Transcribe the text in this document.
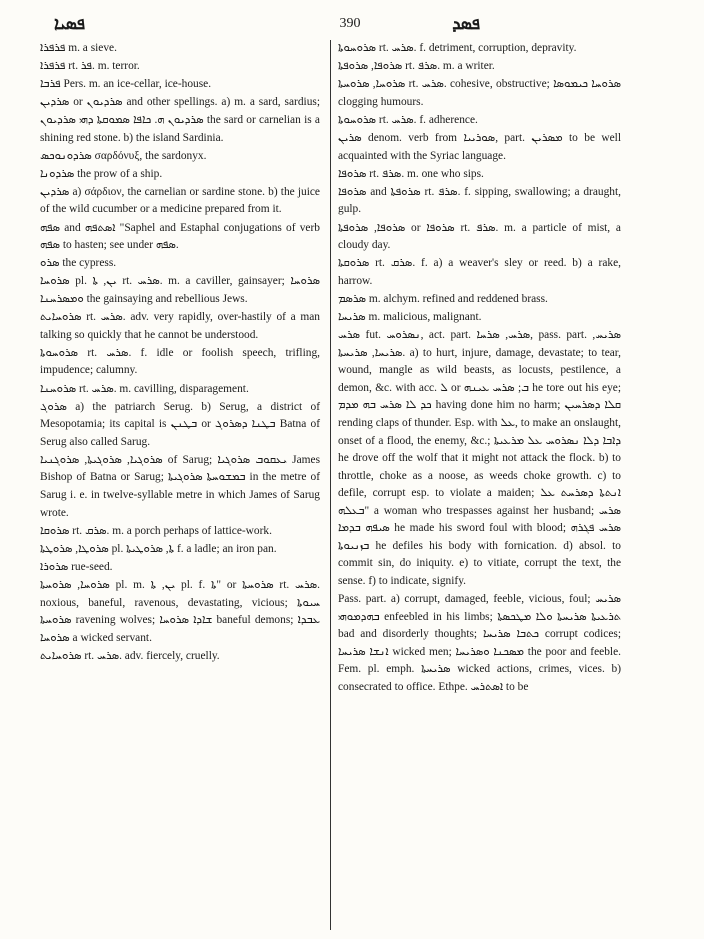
ܦܣܝܐ	390	ܦܣܕ

ܦܪܦܪܐ m. a sieve.

ܦܪܦܪܐ rt. ܦܪ. m. terror.

ܦܪܒܐ Pers. m. an ice-cellar, ice-house.

ܣܪܕܝܢ or ܣܪܕܝܘܢ and other spellings. a) m. a sard, sardius; ܣܪܕܝܘܢ ܗ. ܟܐܦܐ ܣܡܘܩܬܐ ܕܗܝ ܣܪܕܝܘܢ the sard or carnelian is a shining red stone. b) the island Sardinia.

ܣܪܕܘܢܘܟܣ σαρδόνυξ, the sardonyx.

ܣܪܕܘܢܐ the prow of a ship.

ܣܪܕܝܢ a) σάρδιον, the carnelian or sardine stone. b) the juice of the wild cucumber or a medicine prepared from it.

ܣܦܗ and ܐܣܬܦܗ "Saphel and Estaphal conjugations of verb ܣܦܗ to hasten; see under ܣܦܗ.

ܣܪܘ the cypress.

ܣܪܘܚܐ pl. ܝܢ, ܬܐ rt. ܣܪܚ. m. a caviller, gainsayer; ܣܪܘܚܐ ܘܡܣܪܚܢܐ the gainsaying and rebellious Jews.

ܣܪܘܚܐܝܬ rt. ܣܪܚ. adv. very rapidly, over-hastily of a man talking so quickly that he cannot be understood.

ܣܪܘܚܘܬܐ rt. ܣܪܚ. f. idle or foolish speech, trifling, impudence; calumny.

ܣܪܘܚܢܐ rt. ܣܪܚ. m. cavilling, disparagement.

ܣܪܘܓ a) the patriarch Serug. b) Serug, a district of Mesopotamia; its capital is ܒܛܢܢ or ܒܛܢܐ ܕܣܪܘܓ Batna of Serug also called Sarug.

ܣܪܘܓܝܐ, ܣܪܘܓܝܬܐ, ܣܪܘܓܢܝܐ of Sarug; ܝܥܩܘܒ ܣܪܘܓܝܐ James Bishop of Batna or Sarug; ܒܡܫܘܚܬܐ ܣܪܘܓܝܬܐ in the metre of Sarug i. e. in twelve-syllable metre in which James of Sarug wrote.

ܣܪܘܩܐ rt. ܣܪܩ. m. a porch perhaps of lattice-work.

ܣܪܘܛܐ, ܣܪܘܛܬܐ pl. ܬܐ, ܣܪܘܛܝܬܐ f. a ladle; an iron pan.

ܣܪܘܪܐ rue-seed.

ܣܪܘܚܐ, ܣܪܘܚܬܐ pl. m. ܝܢ, ܬܐ pl. f. ܬܐ" or ܣܪܘܚܬܐ rt. ܣܪܚ. noxious, baneful, ravenous, devastating, vicious; ܚܝܘܬܐ ܣܪܘܚܬܐ ravening wolves; ܫܐܕܐ ܣܪܘܚܐ baneful demons; ܥܒܕܐ ܣܪܘܚܐ a wicked servant.

ܣܪܘܚܐܝܬ rt. ܣܪܚ. adv. fiercely, cruelly.

ܣܪܘܚܘܬܐ rt. ܣܪܚ. f. detriment, corruption, depravity.

ܣܪܘܦܐ, ܣܪܘܦܬܐ rt. ܣܪܦ. m. a writer.

ܣܪܘܚܐ, ܣܪܘܚܬܐ rt. ܣܪܚ. cohesive, obstructive; ܣܪܘܚܐ ܟܝܡܘܣܐ clogging humours.

ܣܪܘܚܘܬܐ rt. ܣܪܚ. f. adherence.

ܣܪܝܢ denom. verb from ܣܘܪܝܝܐ, part. ܡܣܪܝܢ to be well acquainted with the Syriac language.

ܣܪܘܦܐ rt. ܣܪܦ. m. one who sips.

ܣܪܘܦܐ and ܣܪܘܦܬܐ rt. ܣܪܦ. f. sipping, swallowing; a draught, gulp.

ܣܪܘܦܐ, ܣܪܘܦܬܐ or ܣܪܘܦܐ rt. ܣܪܦ. m. a particle of mist, a cloudy day.

ܣܪܘܩܬܐ rt. ܣܪܩ. f. a) a weaver's sley or reed. b) a rake, harrow.

ܣܪܣܡ m. alchym. refined and reddened brass.

ܣܪܝܚܐ m. malicious, malignant.

ܣܪܚ fut. ܢܣܪܘܚ, act. part. ܣܪܚ, ܣܪܚܐ, pass. part. ܣܪܝܚ, ܣܪܝܚܐ, ܣܪܝܚܬܐ. a) to hurt, injure, damage, devastate; to tear, wound, mangle as wild beasts, as locusts, pestilence, a demon, &c. with acc. ܠ or ܒ; ܣܪܚ ܥܝܢܗ he tore out his eye; ܟܕ ܠܐ ܣܪܚ ܒܗ ܡܕܡ having done him no harm; ܩܠܐ ܕܣܪܚܝܢ rending claps of thunder. Esp. with ܥܠ, to make an onslaught, onset of a flood, the enemy, &c.; ܕܐܒܐ ܕܠܐ ܢܣܪܘܚ ܥܠ ܡܪܥܝܬܐ he drove off the wolf that it might not attack the flock. b) to throttle, choke as a noose, as weeds choke growth. c) to defile, corrupt esp. to violate a maiden; ܐܢܬܬܐ ܕܣܪܚܬ ܥܠ ܒܥܠܗ" a woman who trespasses against her husband; ܣܪܚ ܣܝܦܗ ܒܕܡܐ he made his sword foul with blood; ܣܪܚ ܦܓܪܗ ܒܙܢܝܘܬܐ he defiles his body with fornication. d) absol. to commit sin, do iniquity. e) to vitiate, corrupt the text, the sense. f) to indicate, signify.

Pass. part. a) corrupt, damaged, feeble, vicious, foul; ܣܪܝܚ ܒܗܕܡܘܗܝ enfeebled in his limbs; ܬܪܥܝܬܐ ܣܪܝܚܬܐ ܘܠܐ ܡܛܟܣܬܐ bad and disorderly thoughts; ܟܬܒܐ ܣܪܝܚܐ corrupt codices; ܐܢܫܐ ܣܪܝܚܐ wicked men; ܡܣܟܢܐ ܘܣܪܝܚܐ the poor and feeble. Fem. pl. emph. ܣܪܝܚܬܐ wicked actions, crimes, vices. b) consecrated to office. Ethpe. ܐܣܬܪܚ to be
